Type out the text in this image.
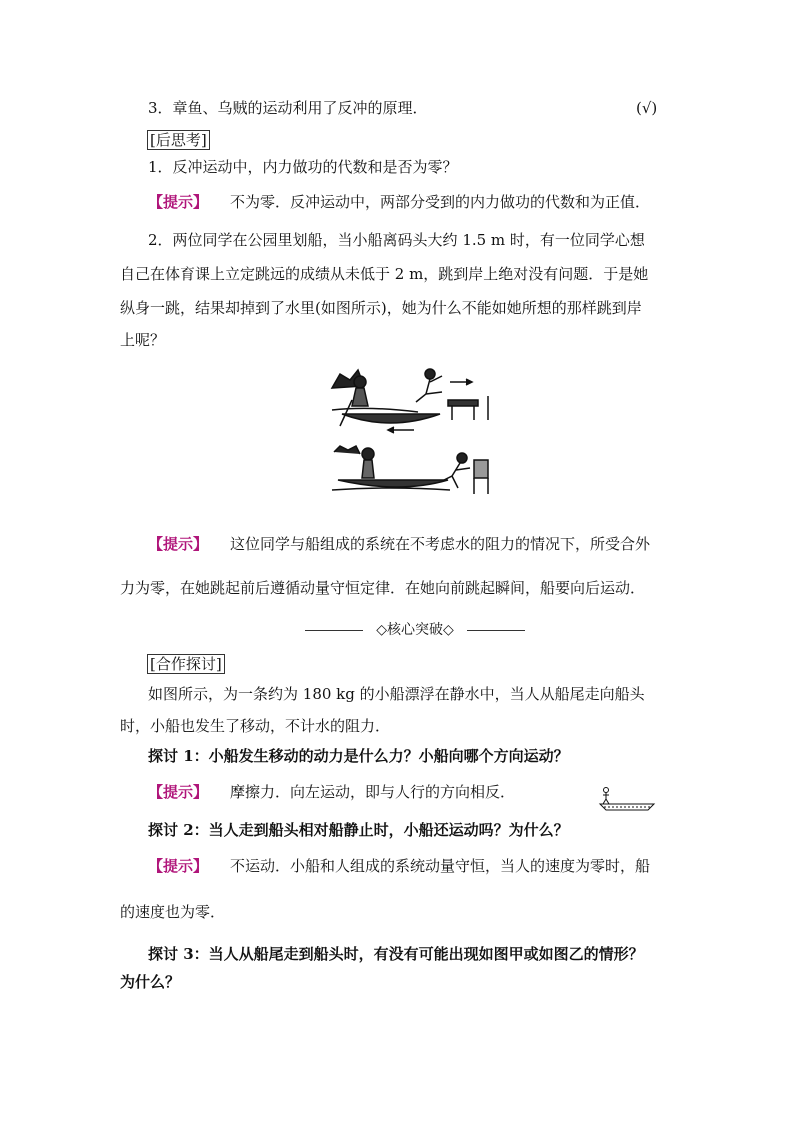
3．章鱼、乌贼的运动利用了反冲的原理．	(√)
[后思考]
1．反冲运动中，内力做功的代数和是否为零？
【提示】 不为零．反冲运动中，两部分受到的内力做功的代数和为正值．
2．两位同学在公园里划船，当小船离码头大约 1.5 m 时，有一位同学心想
自己在体育课上立定跳远的成绩从未低于 2 m，跳到岸上绝对没有问题．于是她
纵身一跳，结果却掉到了水里(如图所示)，她为什么不能如她所想的那样跳到岸
上呢？
【提示】 这位同学与船组成的系统在不考虑水的阻力的情况下，所受合外
力为零，在她跳起前后遵循动量守恒定律．在她向前跳起瞬间，船要向后运动．
◇核心突破◇
[合作探讨]
如图所示，为一条约为 180 kg 的小船漂浮在静水中，当人从船尾走向船头
时，小船也发生了移动，不计水的阻力．
探讨 1：小船发生移动的动力是什么力？小船向哪个方向运动？
【提示】 摩擦力．向左运动，即与人行的方向相反．
探讨 2：当人走到船头相对船静止时，小船还运动吗？为什么？
【提示】 不运动．小船和人组成的系统动量守恒，当人的速度为零时，船
的速度也为零．
探讨 3：当人从船尾走到船头时，有没有可能出现如图甲或如图乙的情形？
为什么？
